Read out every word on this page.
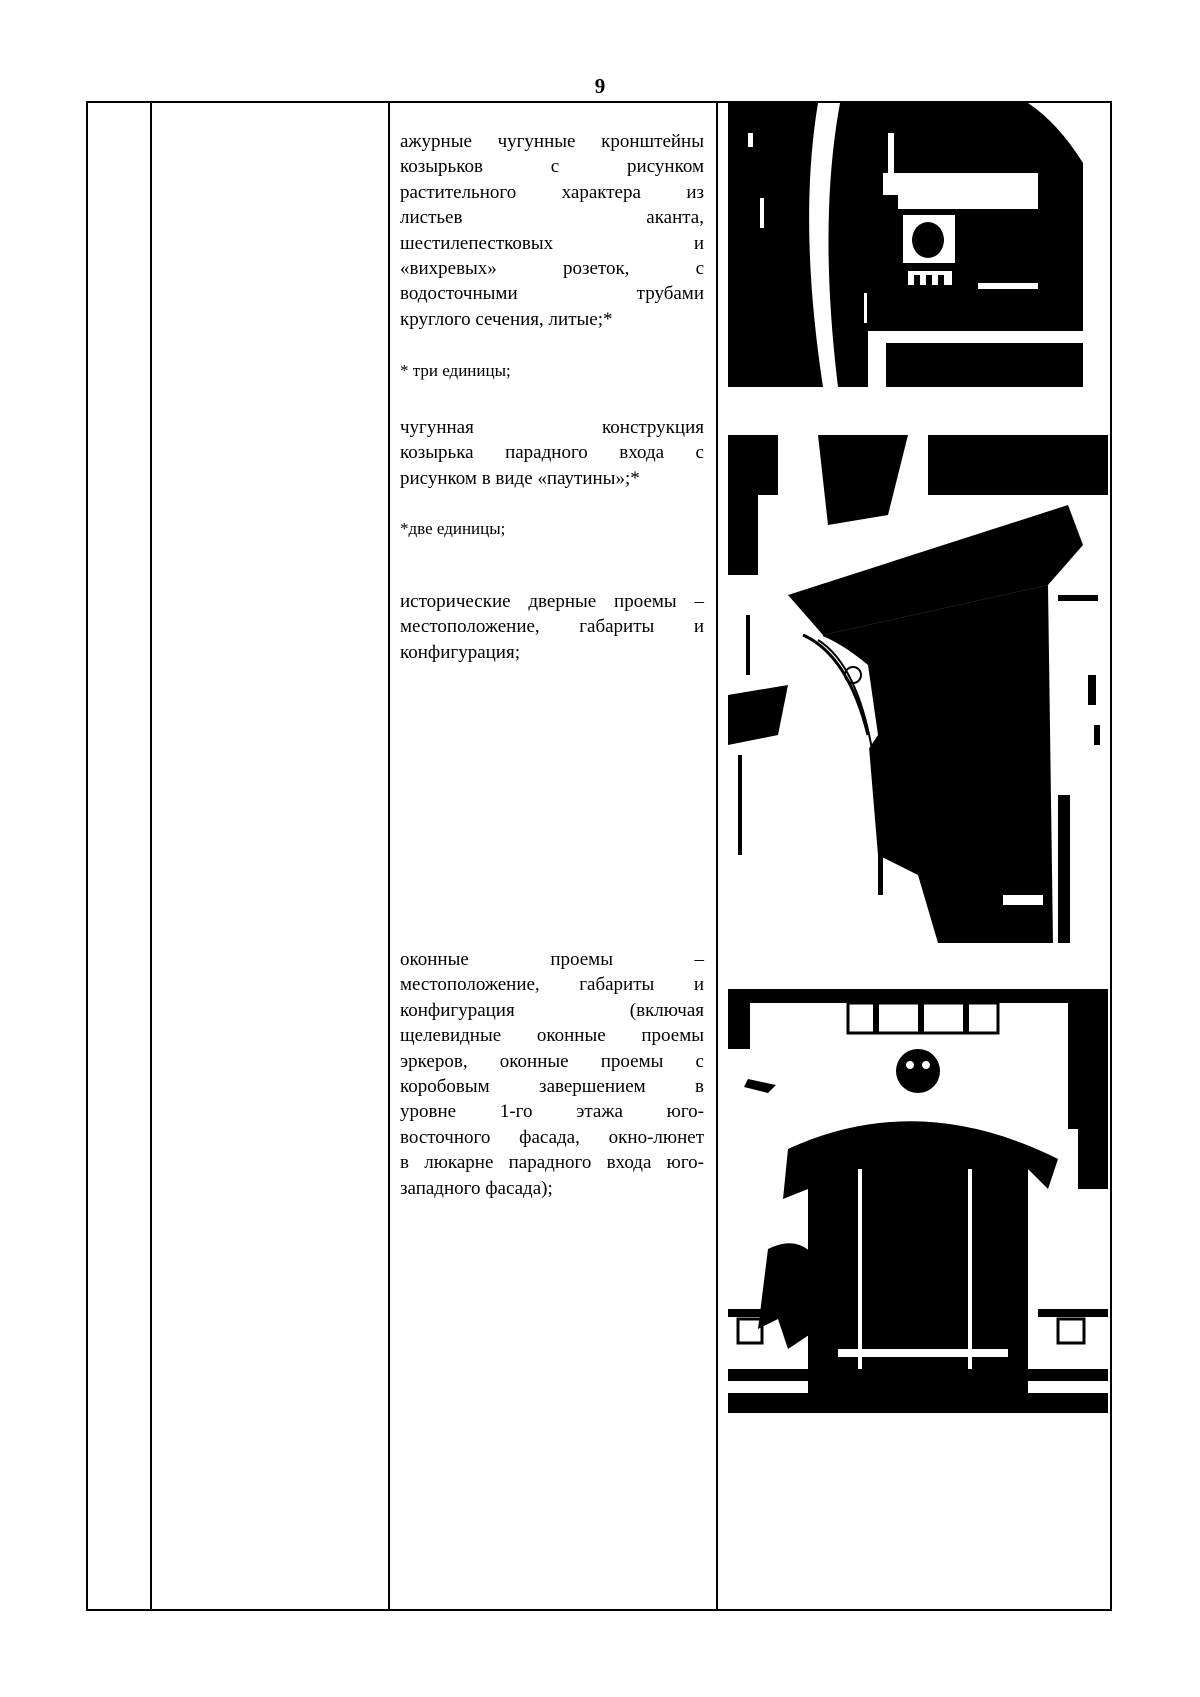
9
ажурные чугунные кронштейны
козырьков с рисунком
растительного характера из
листьев аканта,
шестилепестковых и
«вихревых» розеток, с
водосточными трубами
круглого сечения, литые;*
* три единицы;
чугунная конструкция
козырька парадного входа с
рисунком в виде «паутины»;*
*две единицы;
исторические дверные проемы –
местоположение, габариты и
конфигурация;
оконные проемы –
местоположение, габариты и
конфигурация (включая
щелевидные оконные проемы
эркеров, оконные проемы с
коробовым завершением в
уровне 1-го этажа юго-
восточного фасада, окно-люнет
в люкарне парадного входа юго-
западного фасада);
